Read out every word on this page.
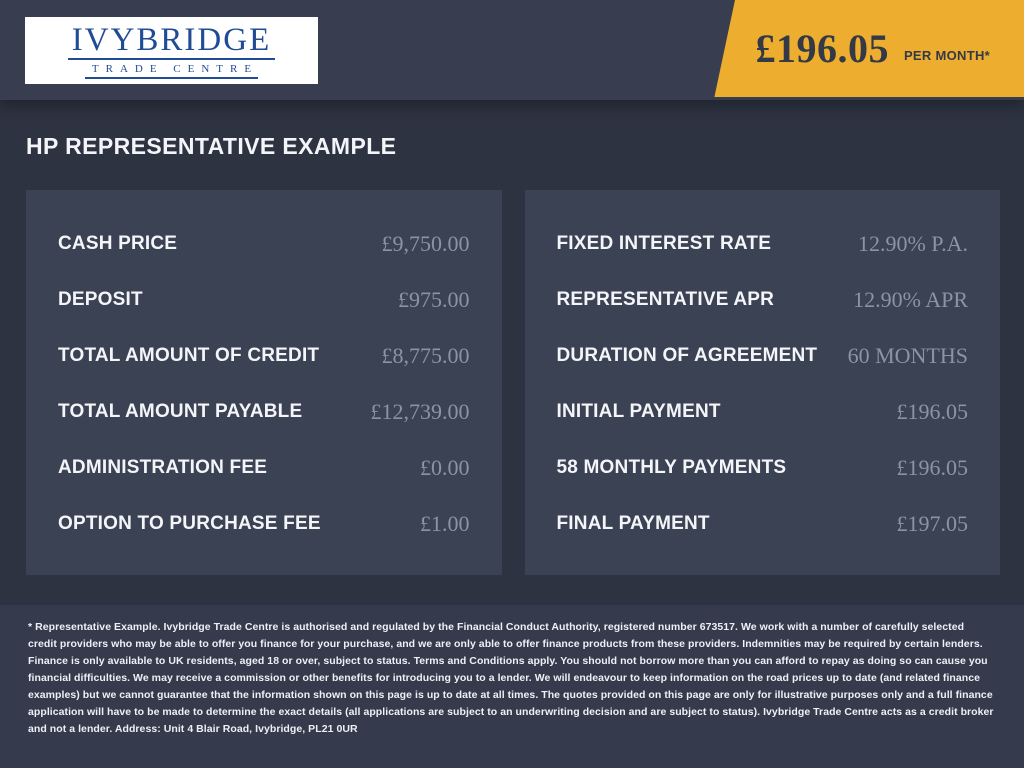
IVYBRIDGE
TRADE CENTRE	£196.05 PER MONTH*
HP REPRESENTATIVE EXAMPLE
CASH PRICE	£9,750.00
DEPOSIT	£975.00
TOTAL AMOUNT OF CREDIT	£8,775.00
TOTAL AMOUNT PAYABLE	£12,739.00
ADMINISTRATION FEE	£0.00
OPTION TO PURCHASE FEE	£1.00
FIXED INTEREST RATE	12.90% P.A.
REPRESENTATIVE APR	12.90% APR
DURATION OF AGREEMENT 60 MONTHS
INITIAL PAYMENT	£196.05
58 MONTHLY PAYMENTS	£196.05
FINAL PAYMENT	£197.05

* Representative Example. Ivybridge Trade Centre is authorised and regulated by the Financial Conduct Authority, registered number 673517. We work with a number of carefully selected credit providers who may be able to offer you finance for your purchase, and we are only able to offer finance products from these providers. Indemnities may be required by certain lenders. Finance is only available to UK residents, aged 18 or over, subject to status. Terms and Conditions apply. You should not borrow more than you can afford to repay as doing so can cause you financial difficulties. We may receive a commission or other benefits for introducing you to a lender. We will endeavour to keep information on the road prices up to date (and related finance examples) but we cannot guarantee that the information shown on this page is up to date at all times. The quotes provided on this page are only for illustrative purposes only and a full finance application will have to be made to determine the exact details (all applications are subject to an underwriting decision and are subject to status). Ivybridge Trade Centre acts as a credit broker and not a lender. Address: Unit 4 Blair Road, Ivybridge, PL21 0UR
